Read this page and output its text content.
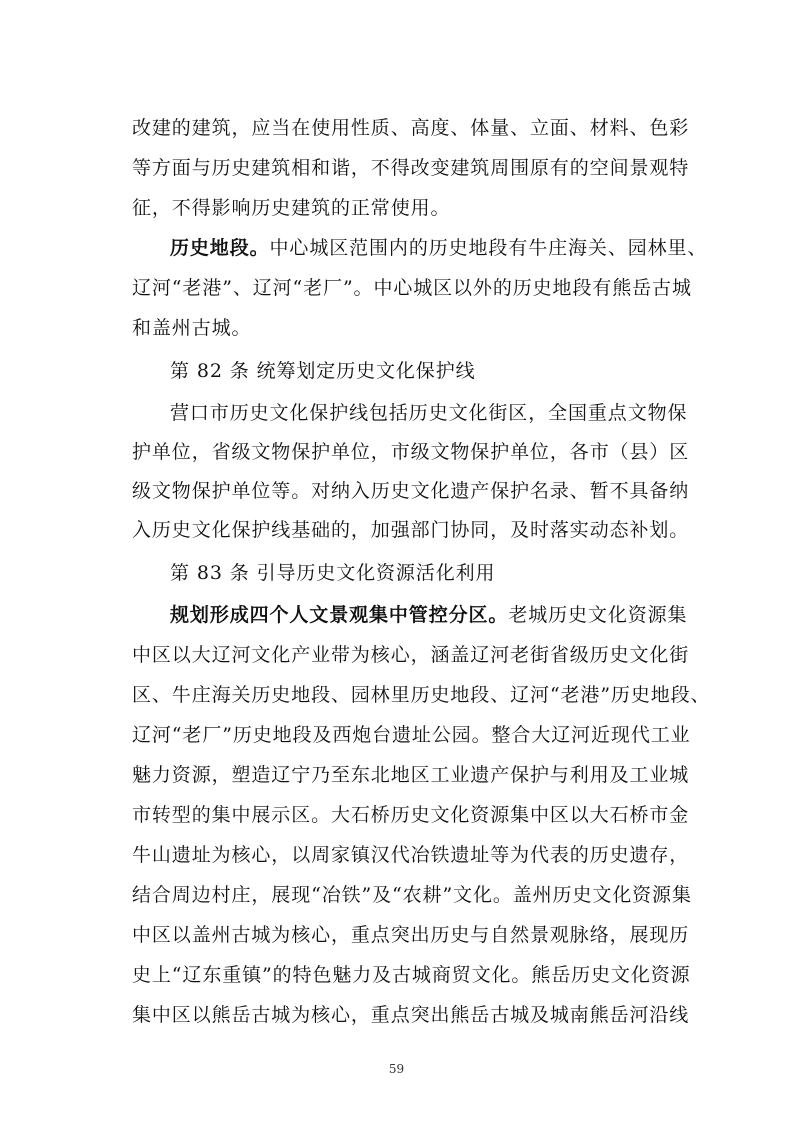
改建的建筑，应当在使用性质、高度、体量、立面、材料、色彩
等方面与历史建筑相和谐，不得改变建筑周围原有的空间景观特
征，不得影响历史建筑的正常使用。
历史地段。中心城区范围内的历史地段有牛庄海关、园林里、
辽河“老港”、辽河“老厂”。中心城区以外的历史地段有熊岳古城
和盖州古城。
第 82 条 统筹划定历史文化保护线
营口市历史文化保护线包括历史文化街区，全国重点文物保
护单位，省级文物保护单位，市级文物保护单位，各市（县）区
级文物保护单位等。对纳入历史文化遗产保护名录、暂不具备纳
入历史文化保护线基础的，加强部门协同，及时落实动态补划。
第 83 条 引导历史文化资源活化利用
规划形成四个人文景观集中管控分区。老城历史文化资源集
中区以大辽河文化产业带为核心，涵盖辽河老街省级历史文化街
区、牛庄海关历史地段、园林里历史地段、辽河“老港”历史地段、
辽河“老厂”历史地段及西炮台遗址公园。整合大辽河近现代工业
魅力资源，塑造辽宁乃至东北地区工业遗产保护与利用及工业城
市转型的集中展示区。大石桥历史文化资源集中区以大石桥市金
牛山遗址为核心，以周家镇汉代冶铁遗址等为代表的历史遗存，
结合周边村庄，展现“冶铁”及“农耕”文化。盖州历史文化资源集
中区以盖州古城为核心，重点突出历史与自然景观脉络，展现历
史上“辽东重镇”的特色魅力及古城商贸文化。熊岳历史文化资源
集中区以熊岳古城为核心，重点突出熊岳古城及城南熊岳河沿线
59
